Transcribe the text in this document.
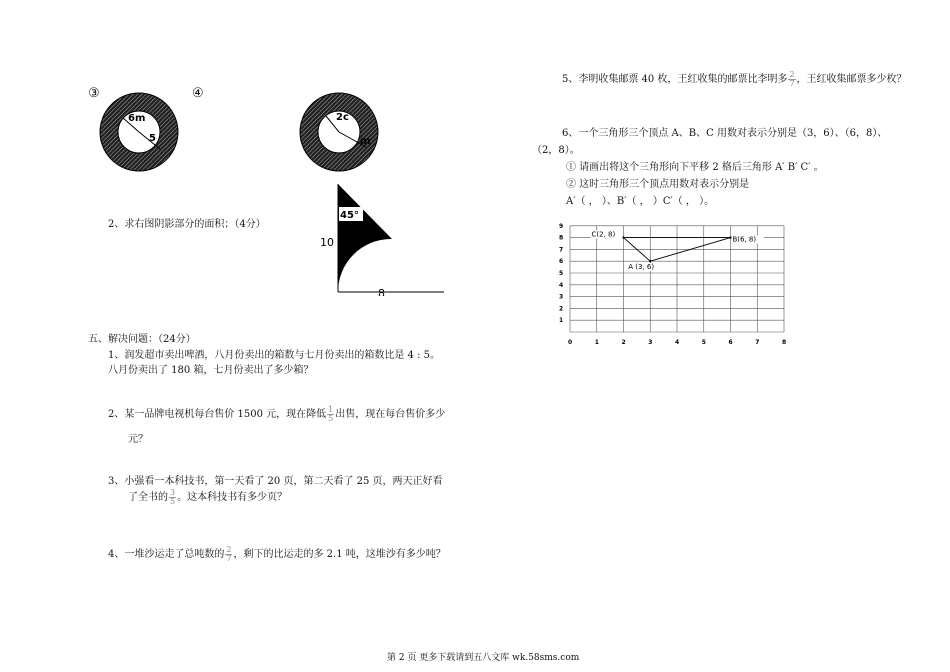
③	④
6m
5
2c
m
2、求右图阴影部分的面积；（4分）
45°
10
8
五、解决问题：（24分）
1、润发超市卖出啤酒，八月份卖出的箱数与七月份卖出的箱数比是 4 : 5。
八月份卖出了 180 箱，七月份卖出了多少箱？
2、某一品牌电视机每台售价 1500 元，现在降低 $\frac{1}{5}$ 出售，现在每台售价多少
元？
3、小强看一本科技书，第一天看了 20 页，第二天看了 25 页，两天正好看
了全书的 $\frac{3}{5}$ 。这本科技书有多少页？
4、一堆沙运走了总吨数的 $\frac{2}{7}$ ，剩下的比运走的多 2.1 吨，这堆沙有多少吨？
5、李明收集邮票 40 枚，王红收集的邮票比李明多 $\frac{2}{7}$ ，王红收集邮票多少枚？
6、一个三角形三个顶点 A、B、C 用数对表示分别是（3，6）、（6，8）、
（2，8）。
① 请画出将这个三角形向下平移 2 格后三角形 A′ B′ C′ 。
② 这时三角形三个顶点用数对表示分别是
A′（ ， ）、B′（ ， ）C′（ ， ）。
0	1	2	3	4	5	6	7	8
1
2
3
4
5
6
7
8
9
A (3, 6)
B(6, 8)
C(2, 8)
第 2 页 更多下载请到五八文库 wk.58sms.com
